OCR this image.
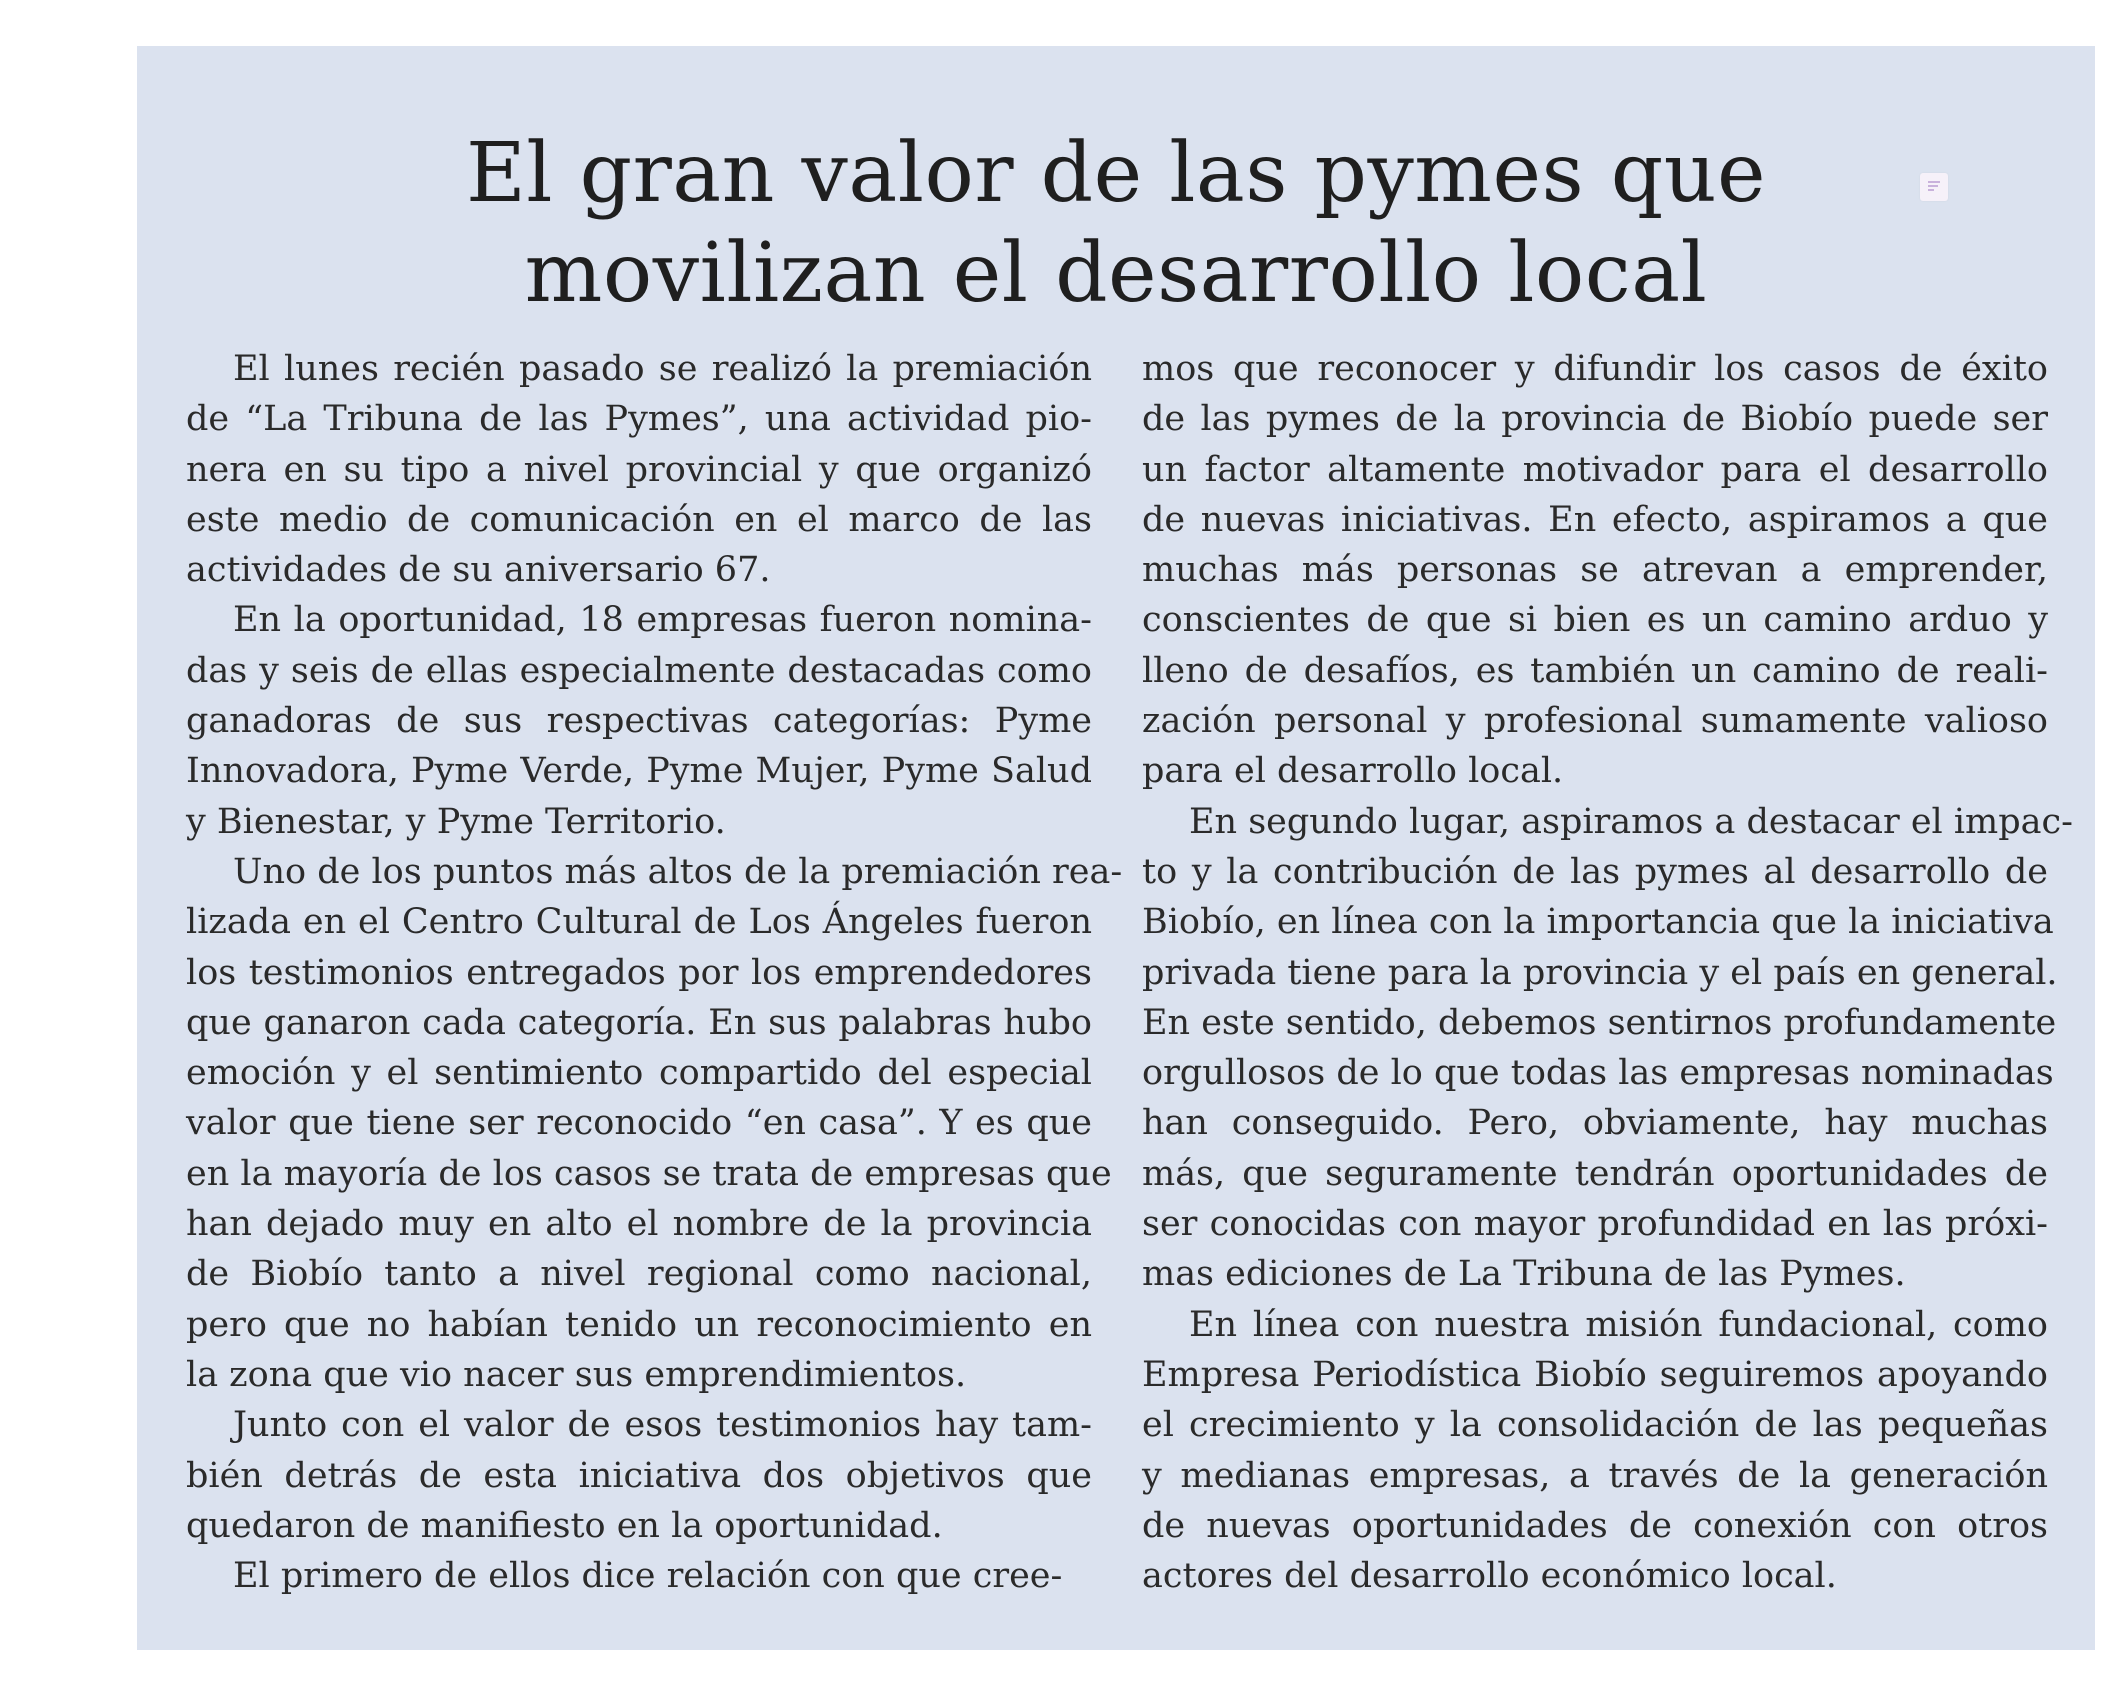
El gran valor de las pymes que
movilizan el desarrollo local

El lunes recién pasado se realizó la premiación
de “La Tribuna de las Pymes”, una actividad pio-
nera en su tipo a nivel provincial y que organizó
este medio de comunicación en el marco de las
actividades de su aniversario 67.

En la oportunidad, 18 empresas fueron nomina-
das y seis de ellas especialmente destacadas como
ganadoras de sus respectivas categorías: Pyme
Innovadora, Pyme Verde, Pyme Mujer, Pyme Salud
y Bienestar, y Pyme Territorio.

Uno de los puntos más altos de la premiación rea-
lizada en el Centro Cultural de Los Ángeles fueron
los testimonios entregados por los emprendedores
que ganaron cada categoría. En sus palabras hubo
emoción y el sentimiento compartido del especial
valor que tiene ser reconocido “en casa”. Y es que
en la mayoría de los casos se trata de empresas que
han dejado muy en alto el nombre de la provincia
de Biobío tanto a nivel regional como nacional,
pero que no habían tenido un reconocimiento en
la zona que vio nacer sus emprendimientos.

Junto con el valor de esos testimonios hay tam-
bién detrás de esta iniciativa dos objetivos que
quedaron de manifiesto en la oportunidad.

El primero de ellos dice relación con que cree-

mos que reconocer y difundir los casos de éxito
de las pymes de la provincia de Biobío puede ser
un factor altamente motivador para el desarrollo
de nuevas iniciativas. En efecto, aspiramos a que
muchas más personas se atrevan a emprender,
conscientes de que si bien es un camino arduo y
lleno de desafíos, es también un camino de reali-
zación personal y profesional sumamente valioso
para el desarrollo local.

En segundo lugar, aspiramos a destacar el impac-
to y la contribución de las pymes al desarrollo de
Biobío, en línea con la importancia que la iniciativa
privada tiene para la provincia y el país en general.
En este sentido, debemos sentirnos profundamente
orgullosos de lo que todas las empresas nominadas
han conseguido. Pero, obviamente, hay muchas
más, que seguramente tendrán oportunidades de
ser conocidas con mayor profundidad en las próxi-
mas ediciones de La Tribuna de las Pymes.

En línea con nuestra misión fundacional, como
Empresa Periodística Biobío seguiremos apoyando
el crecimiento y la consolidación de las pequeñas
y medianas empresas, a través de la generación
de nuevas oportunidades de conexión con otros
actores del desarrollo económico local.
